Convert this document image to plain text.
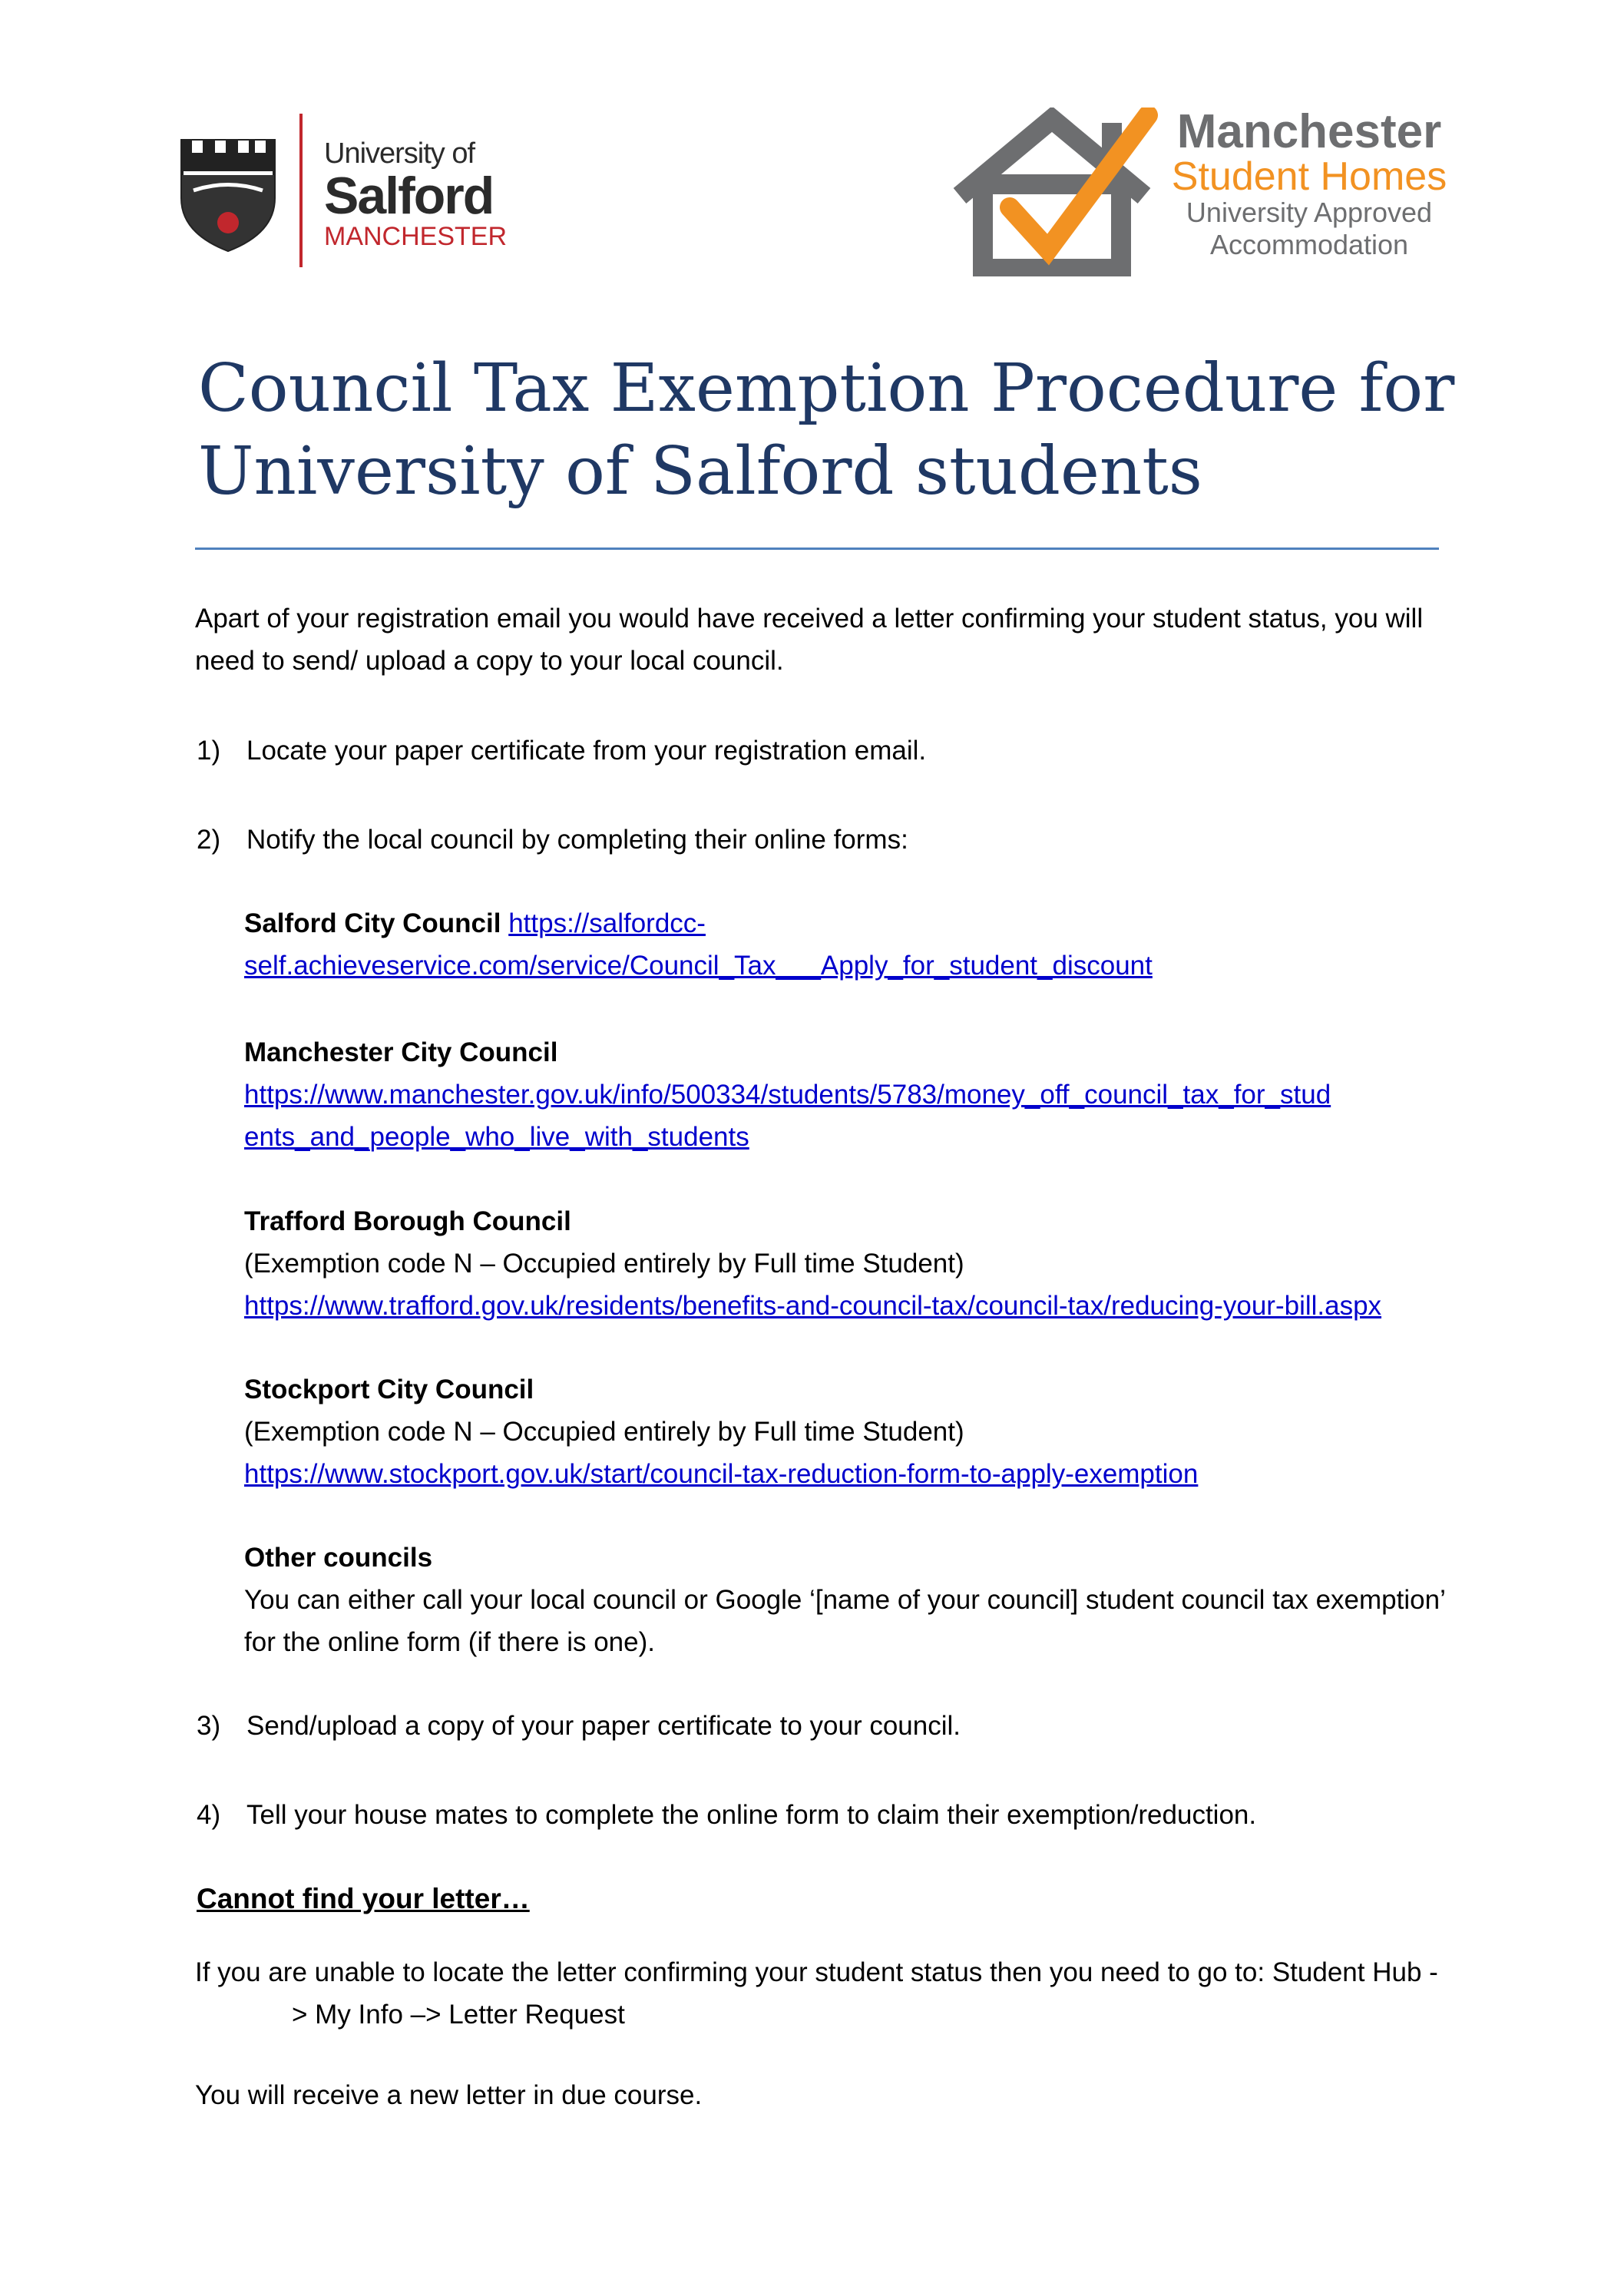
University of
Salford
MANCHESTER
Manchester
Student Homes
University Approved
Accommodation
Council Tax Exemption Procedure for
University of Salford students
Apart of your registration email you would have received a letter confirming your student status, you will
need to send/ upload a copy to your local council.
1) Locate your paper certificate from your registration email.
2) Notify the local council by completing their online forms:
Salford City Council https://salfordcc-
self.achieveservice.com/service/Council_Tax___Apply_for_student_discount
Manchester City Council
https://www.manchester.gov.uk/info/500334/students/5783/money_off_council_tax_for_stud
ents_and_people_who_live_with_students
Trafford Borough Council
(Exemption code N – Occupied entirely by Full time Student)
https://www.trafford.gov.uk/residents/benefits-and-council-tax/council-tax/reducing-your-bill.aspx
Stockport City Council
(Exemption code N – Occupied entirely by Full time Student)
https://www.stockport.gov.uk/start/council-tax-reduction-form-to-apply-exemption
Other councils
You can either call your local council or Google ‘[name of your council] student council tax exemption’
for the online form (if there is one).
3) Send/upload a copy of your paper certificate to your council.
4) Tell your house mates to complete the online form to claim their exemption/reduction.
Cannot find your letter…
If you are unable to locate the letter confirming your student status then you need to go to: Student Hub -
> My Info –> Letter Request
You will receive a new letter in due course.
